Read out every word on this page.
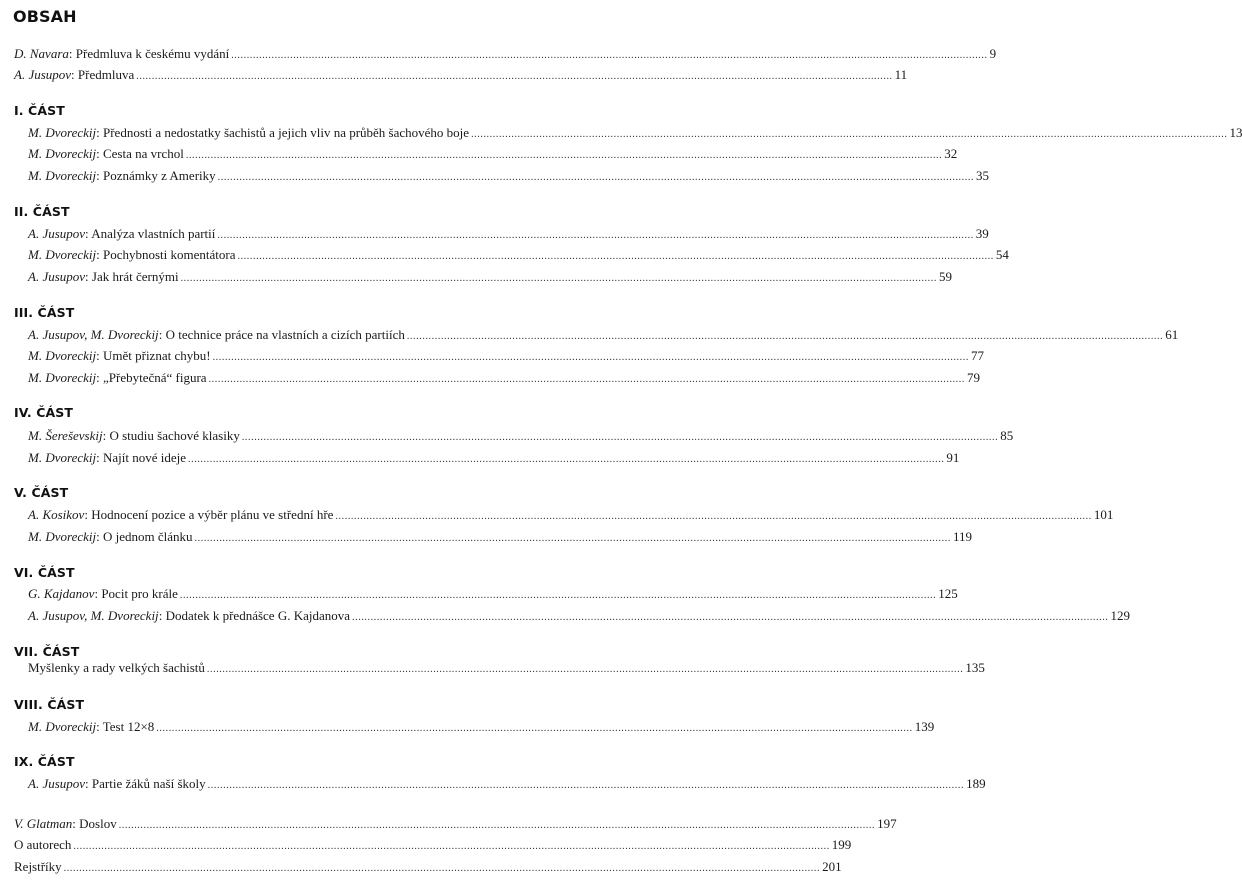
OBSAH
D. Navara: Předmluva k českému vydání .................................................................................................................................................................................................................................................... 9
A. Jusupov: Předmluva .................................................................................................................................................................................................................................................... 11
I. ČÁST
M. Dvoreckij: Přednosti a nedostatky šachistů a jejich vliv na průběh šachového boje .................................................................................................................................................................................................................................................... 13
M. Dvoreckij: Cesta na vrchol .................................................................................................................................................................................................................................................... 32
M. Dvoreckij: Poznámky z Ameriky .................................................................................................................................................................................................................................................... 35
II. ČÁST
A. Jusupov: Analýza vlastních partií .................................................................................................................................................................................................................................................... 39
M. Dvoreckij: Pochybnosti komentátora .................................................................................................................................................................................................................................................... 54
A. Jusupov: Jak hrát černými .................................................................................................................................................................................................................................................... 59
III. ČÁST
A. Jusupov, M. Dvoreckij: O technice práce na vlastních a cizích partiích .................................................................................................................................................................................................................................................... 61
M. Dvoreckij: Umět přiznat chybu! .................................................................................................................................................................................................................................................... 77
M. Dvoreckij: „Přebytečná“ figura .................................................................................................................................................................................................................................................... 79
IV. ČÁST
M. Šereševskij: O studiu šachové klasiky .................................................................................................................................................................................................................................................... 85
M. Dvoreckij: Najít nové ideje .................................................................................................................................................................................................................................................... 91
V. ČÁST
A. Kosikov: Hodnocení pozice a výběr plánu ve střední hře .................................................................................................................................................................................................................................................... 101
M. Dvoreckij: O jednom článku .................................................................................................................................................................................................................................................... 119
VI. ČÁST
G. Kajdanov: Pocit pro krále .................................................................................................................................................................................................................................................... 125
A. Jusupov, M. Dvoreckij: Dodatek k přednášce G. Kajdanova .................................................................................................................................................................................................................................................... 129
VII. ČÁST
Myšlenky a rady velkých šachistů .................................................................................................................................................................................................................................................... 135
VIII. ČÁST
M. Dvoreckij: Test 12×8 .................................................................................................................................................................................................................................................... 139
IX. ČÁST
A. Jusupov: Partie žáků naší školy .................................................................................................................................................................................................................................................... 189
V. Glatman: Doslov .................................................................................................................................................................................................................................................... 197
O autorech .................................................................................................................................................................................................................................................... 199
Rejstříky .................................................................................................................................................................................................................................................... 201
